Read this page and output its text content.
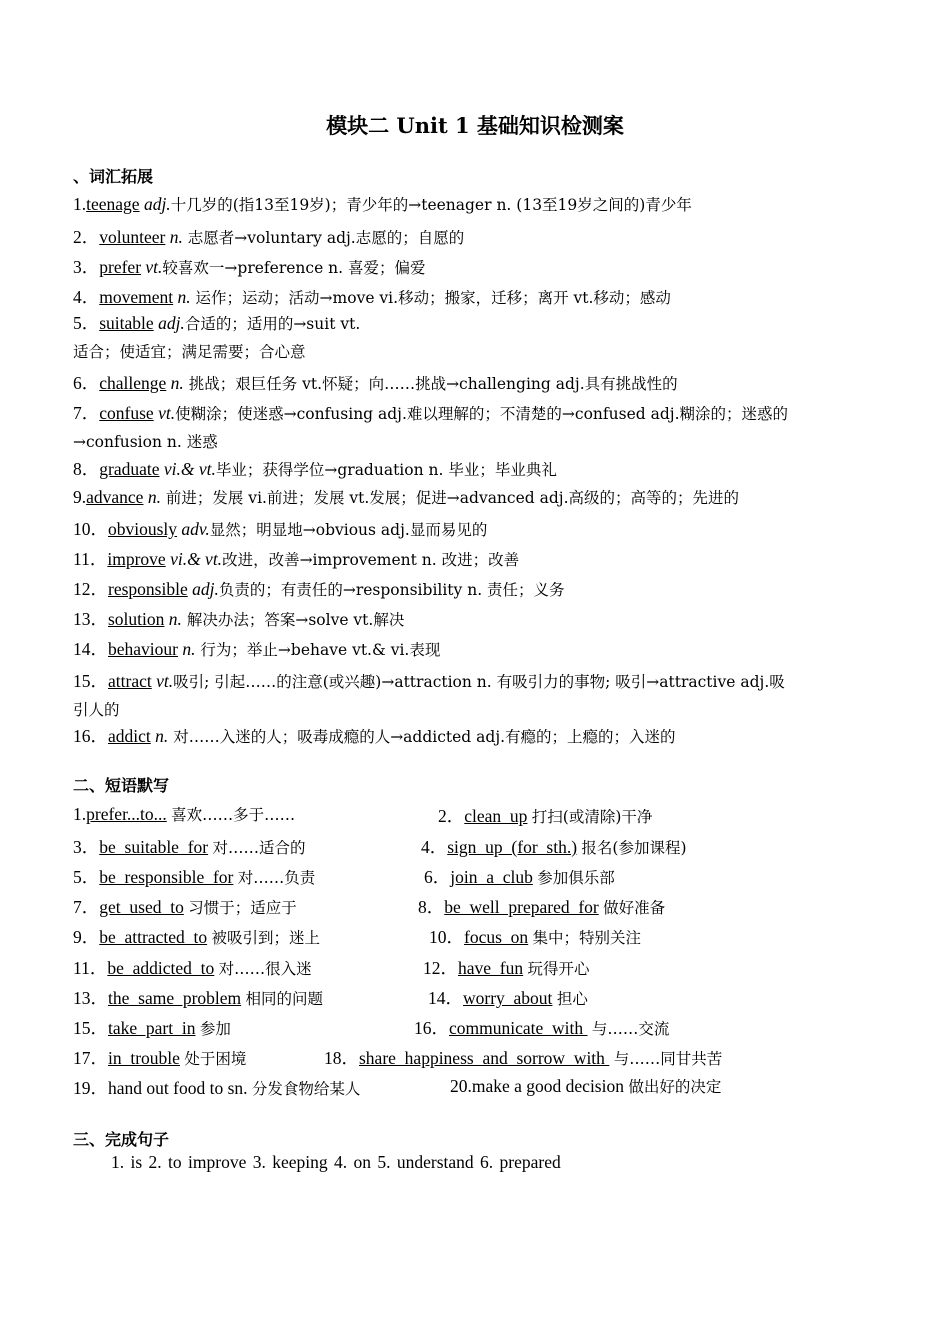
模块二 Unit 1 基础知识检测案
、词汇拓展
1.teenage adj.十几岁的(指13至19岁)；青少年的→teenager n. (13至19岁之间的)青少年
2．volunteer n. 志愿者→voluntary adj.志愿的；自愿的
3．prefer vt.较喜欢一→preference n. 喜爱；偏爱
4．movement n. 运作；运动；活动→move vi.移动；搬家，迁移；离开 vt.移动；感动
5．suitable adj.合适的；适用的→suit vt.
适合；使适宜；满足需要；合心意
6．challenge n. 挑战；艰巨任务 vt.怀疑；向……挑战→challenging adj.具有挑战性的
7．confuse vt.使糊涂；使迷惑→confusing adj.难以理解的；不清楚的→confused adj.糊涂的；迷惑的
→confusion n. 迷惑
8．graduate vi.& vt.毕业；获得学位→graduation n. 毕业；毕业典礼
9.advance n. 前进；发展 vi.前进；发展 vt.发展；促进→advanced adj.高级的；高等的；先进的
10．obviously adv.显然；明显地→obvious adj.显而易见的
11．improve vi.& vt.改进，改善→improvement n. 改进；改善
12．responsible adj.负责的；有责任的→responsibility n. 责任；义务
13．solution n. 解决办法；答案→solve vt.解决
14．behaviour n. 行为；举止→behave vt.& vi.表现
15．attract vt.吸引; 引起……的注意(或兴趣)→attraction n. 有吸引力的事物; 吸引→attractive adj.吸
引人的
16．addict n. 对……入迷的人；吸毒成瘾的人→addicted adj.有瘾的；上瘾的；入迷的
二、短语默写
1.prefer...to... 喜欢……多于……	2．clean  up 打扫(或清除)干净
3．be  suitable  for 对……适合的	4．sign  up  (for  sth.) 报名(参加课程)
5．be  responsible  for 对……负责	6．join  a  club 参加俱乐部
7．get  used  to 习惯于；适应于	8．be  well  prepared  for 做好准备
9．be  attracted  to 被吸引到；迷上	10．focus  on 集中；特别关注
11．be  addicted  to 对……很入迷	12．have  fun 玩得开心
13．the  same  problem 相同的问题	14．worry  about 担心
15．take  part  in 参加	16．communicate  with  与……交流
17．in  trouble 处于困境	18．share  happiness  and  sorrow  with  与……同甘共苦
19．hand out food to sn. 分发食物给某人	20.make a good decision 做出好的决定
三、完成句子
1. is 2. to improve 3. keeping 4. on 5. understand 6. prepared
